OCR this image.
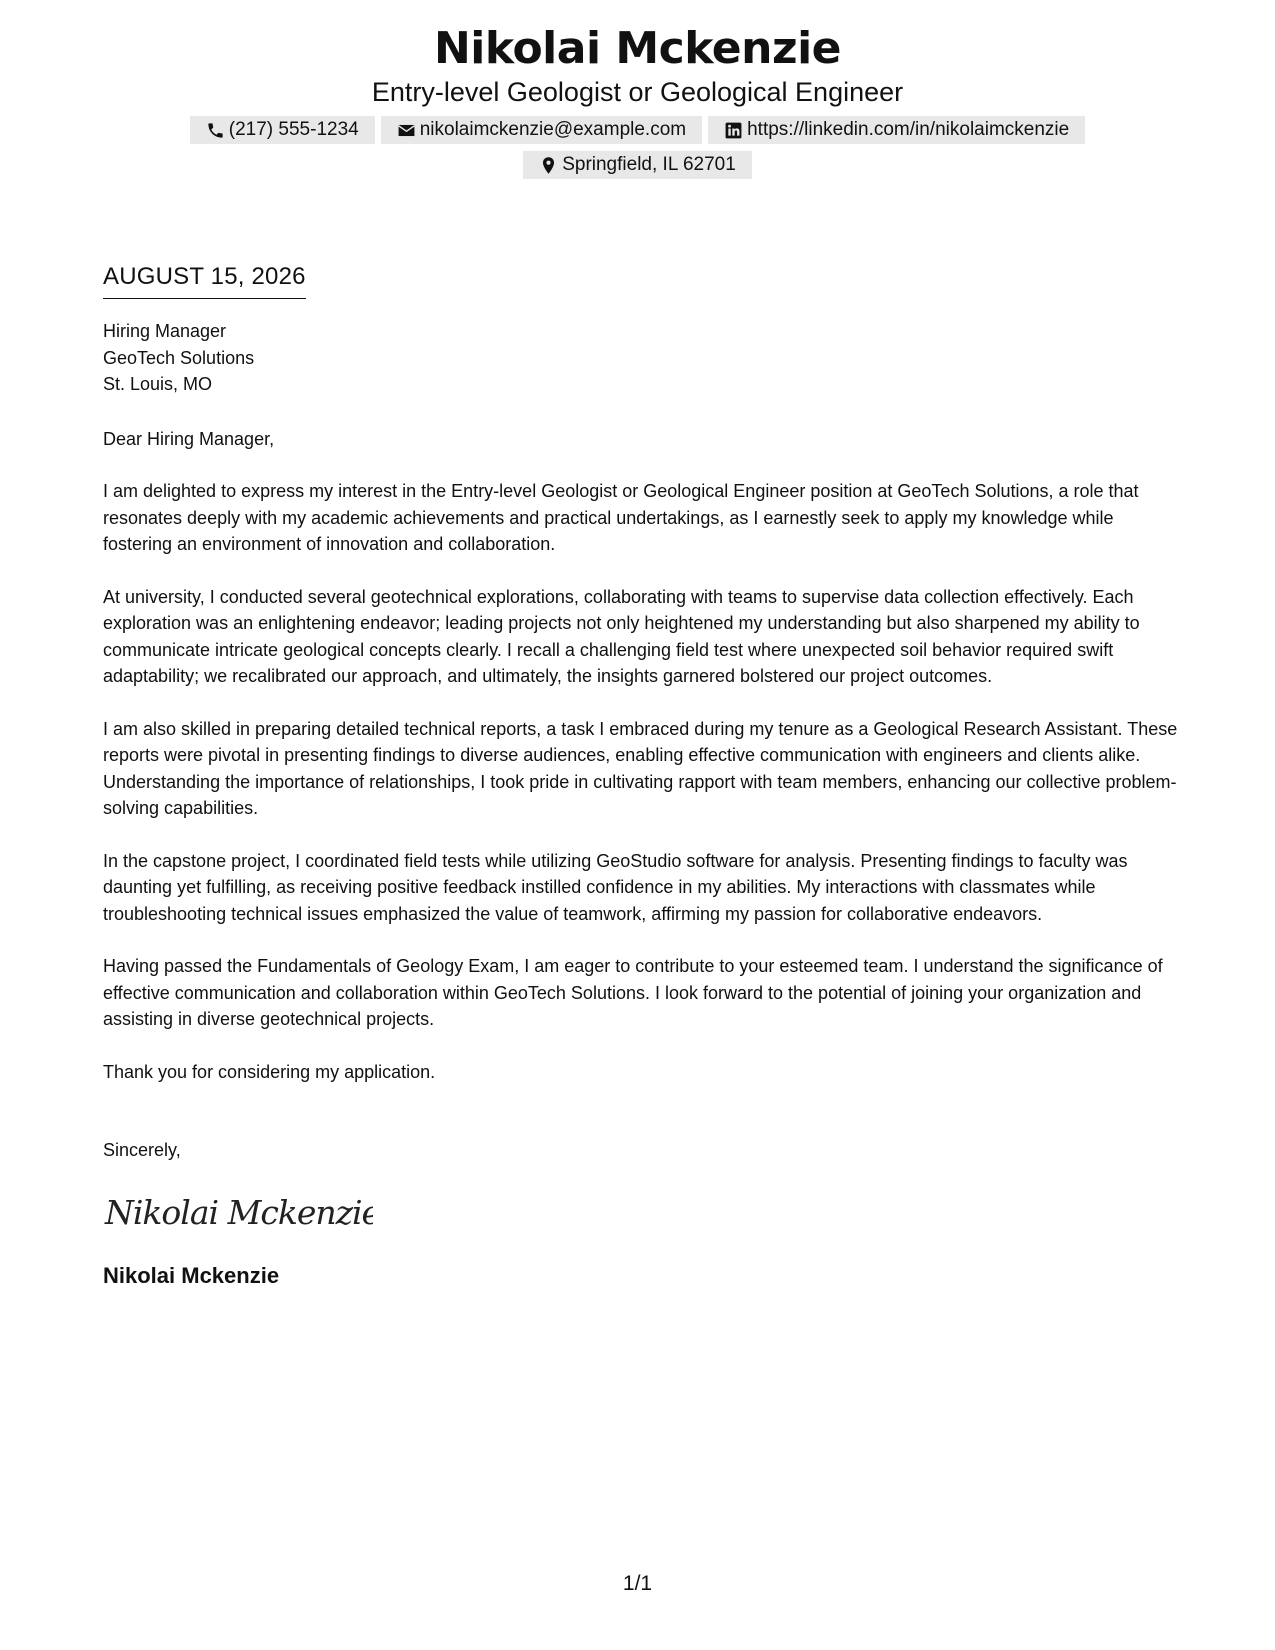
Nikolai Mckenzie
Entry-level Geologist or Geological Engineer
(217) 555-1234	nikolaimckenzie@example.com	https://linkedin.com/in/nikolaimckenzie
Springfield, IL 62701
AUGUST 15, 2026
Hiring Manager
GeoTech Solutions
St. Louis, MO
Dear Hiring Manager,

I am delighted to express my interest in the Entry-level Geologist or Geological Engineer position at GeoTech Solutions, a role that resonates deeply with my academic achievements and practical undertakings, as I earnestly seek to apply my knowledge while fostering an environment of innovation and collaboration.

At university, I conducted several geotechnical explorations, collaborating with teams to supervise data collection effectively. Each exploration was an enlightening endeavor; leading projects not only heightened my understanding but also sharpened my ability to communicate intricate geological concepts clearly. I recall a challenging field test where unexpected soil behavior required swift adaptability; we recalibrated our approach, and ultimately, the insights garnered bolstered our project outcomes.

I am also skilled in preparing detailed technical reports, a task I embraced during my tenure as a Geological Research Assistant. These reports were pivotal in presenting findings to diverse audiences, enabling effective communication with engineers and clients alike. Understanding the importance of relationships, I took pride in cultivating rapport with team members, enhancing our collective problem-solving capabilities.

In the capstone project, I coordinated field tests while utilizing GeoStudio software for analysis. Presenting findings to faculty was daunting yet fulfilling, as receiving positive feedback instilled confidence in my abilities. My interactions with classmates while troubleshooting technical issues emphasized the value of teamwork, affirming my passion for collaborative endeavors.

Having passed the Fundamentals of Geology Exam, I am eager to contribute to your esteemed team. I understand the significance of effective communication and collaboration within GeoTech Solutions. I look forward to the potential of joining your organization and assisting in diverse geotechnical projects.

Thank you for considering my application.
Sincerely,
Nikolai Mckenzie
Nikolai Mckenzie
1/1
